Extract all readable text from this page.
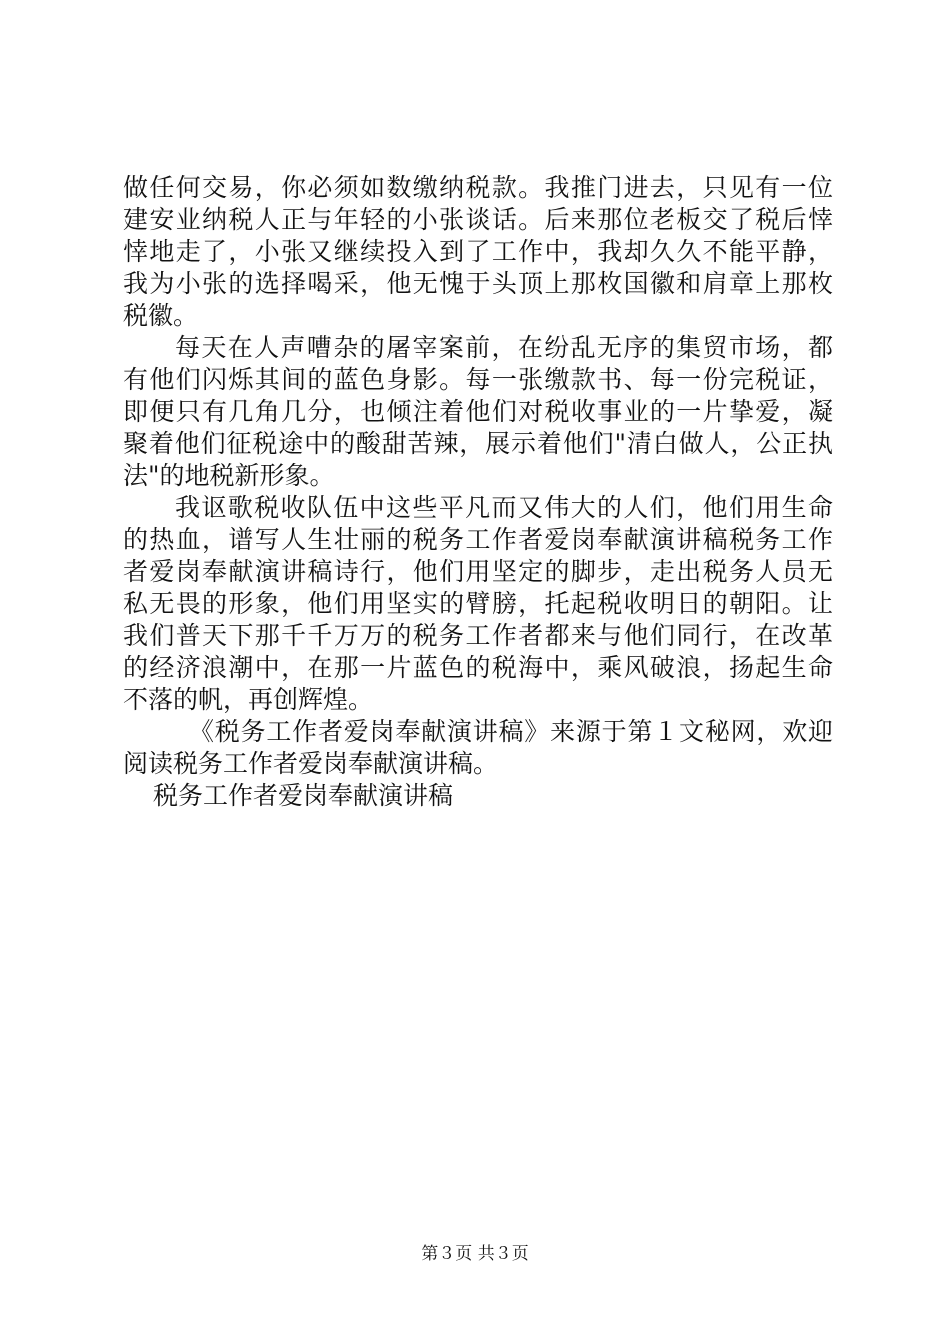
做任何交易，你必须如数缴纳税款。我推门进去，只见有一位
建安业纳税人正与年轻的小张谈话。后来那位老板交了税后悻
悻地走了，小张又继续投入到了工作中，我却久久不能平静，
我为小张的选择喝采，他无愧于头顶上那枚国徽和肩章上那枚
税徽。
每天在人声嘈杂的屠宰案前，在纷乱无序的集贸市场，都
有他们闪烁其间的蓝色身影。每一张缴款书、每一份完税证，
即便只有几角几分，也倾注着他们对税收事业的一片挚爱，凝
聚着他们征税途中的酸甜苦辣，展示着他们"清白做人，公正执
法"的地税新形象。
我讴歌税收队伍中这些平凡而又伟大的人们，他们用生命
的热血，谱写人生壮丽的税务工作者爱岗奉献演讲稿税务工作
者爱岗奉献演讲稿诗行，他们用坚定的脚步，走出税务人员无
私无畏的形象，他们用坚实的臂膀，托起税收明日的朝阳。让
我们普天下那千千万万的税务工作者都来与他们同行，在改革
的经济浪潮中，在那一片蓝色的税海中，乘风破浪，扬起生命
不落的帆，再创辉煌。
《税务工作者爱岗奉献演讲稿》来源于第１文秘网，欢迎
阅读税务工作者爱岗奉献演讲稿。
税务工作者爱岗奉献演讲稿
第３页 共３页
